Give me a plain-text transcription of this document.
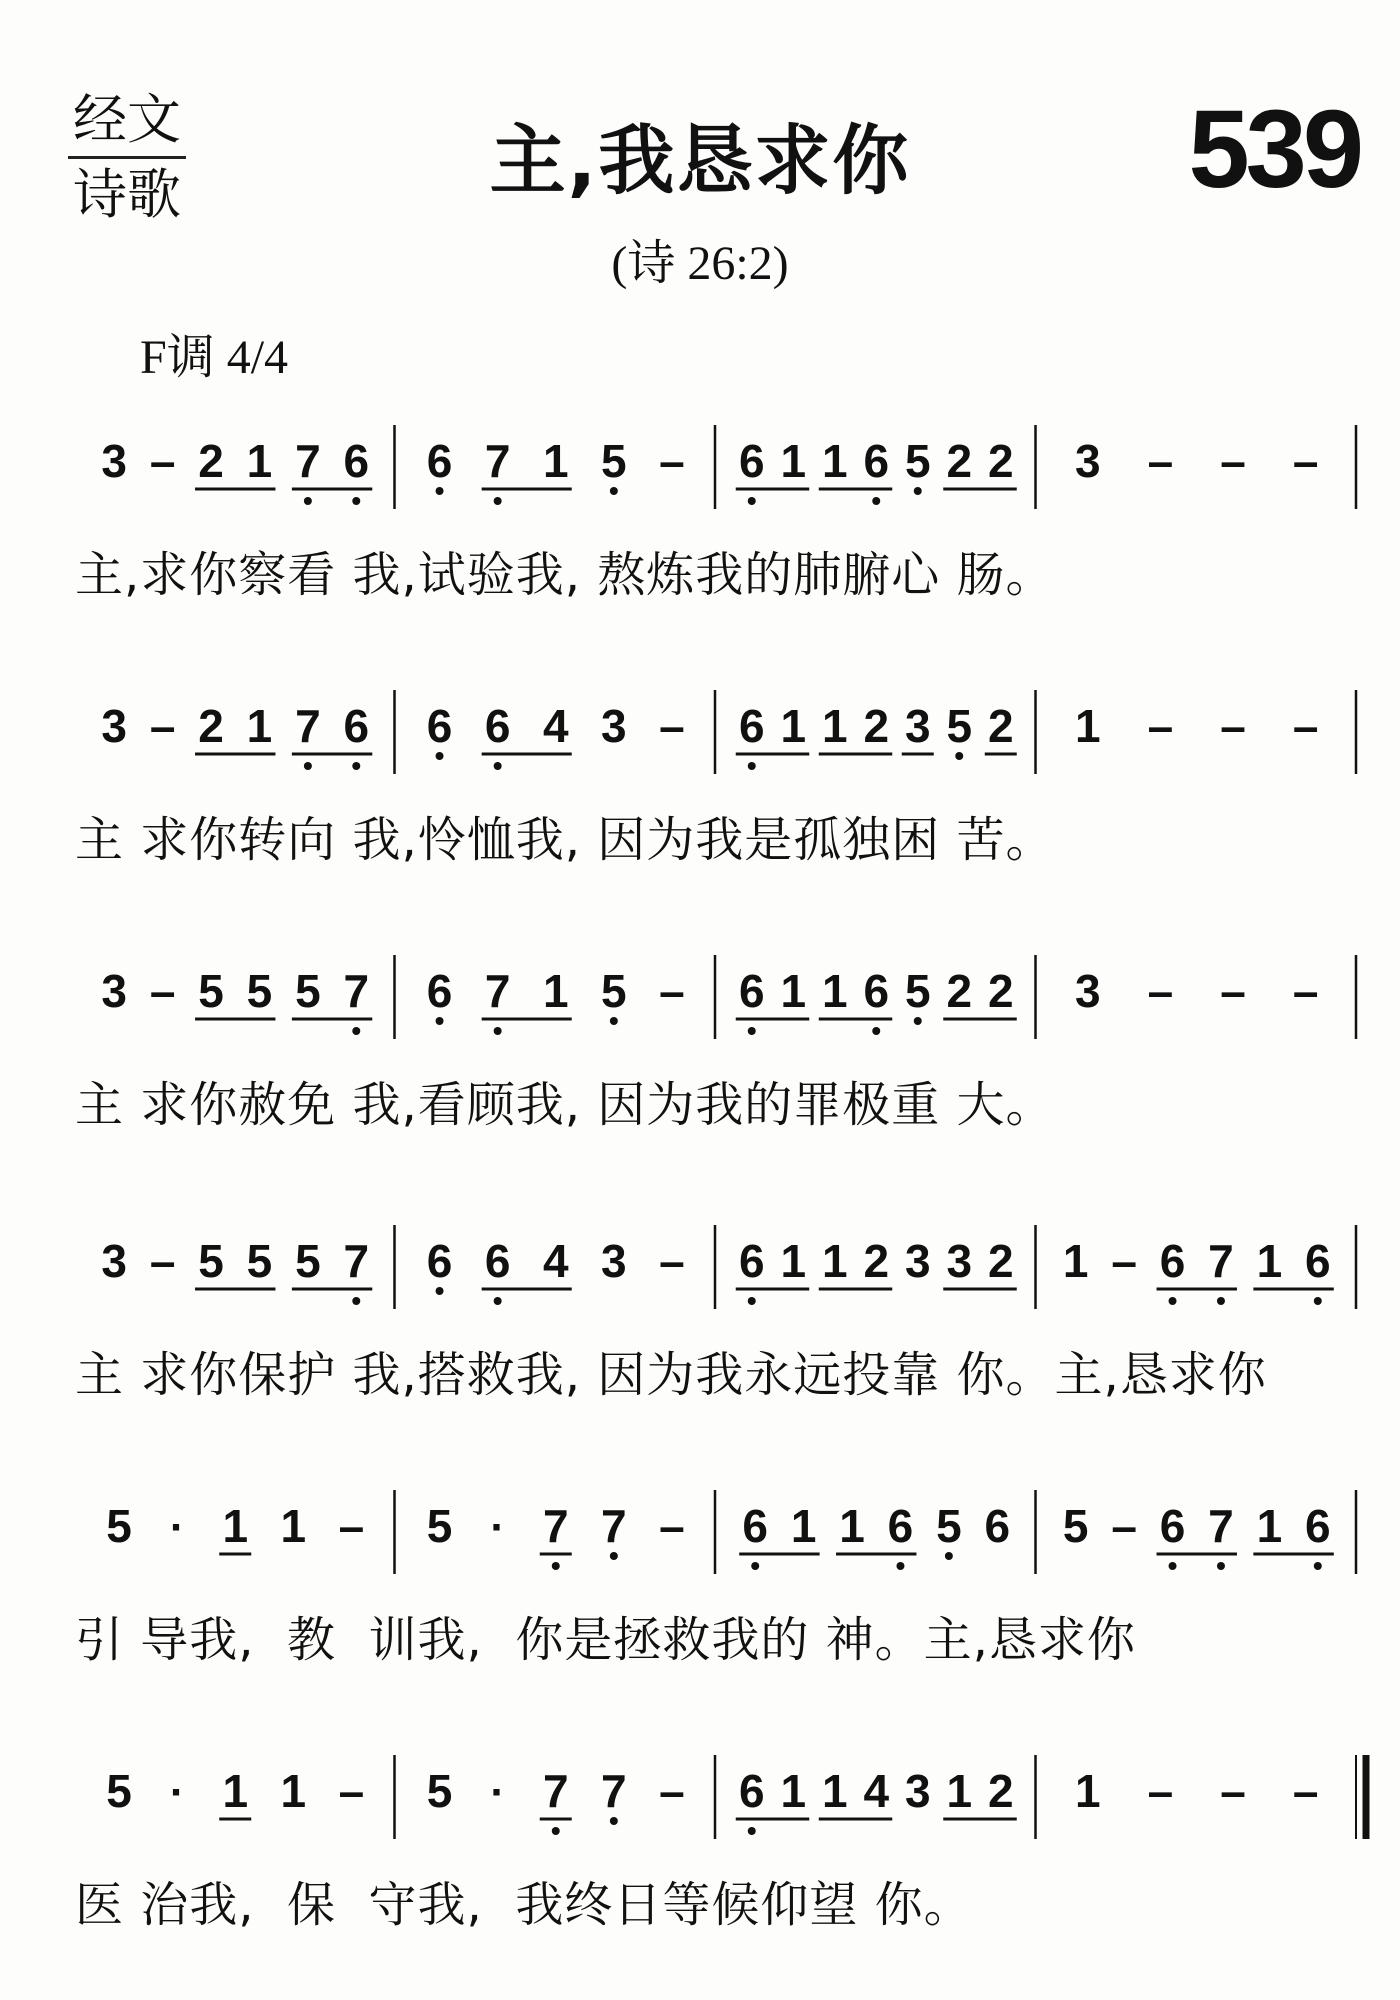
经文
诗歌	主,我恳求你	539
(诗 26:2)
F调 4/4
3 – 2 1 7 6 6 7 1 5 – 6 1 1 6 5 2 2 3 – – –
主,求你察看 我,试验我, 熬炼我的肺腑心 肠。
3 – 2 1 7 6 6 6 4 3 – 6 1 1 2 3 5 2 1 – – –
主 求你转向 我,怜恤我, 因为我是孤独困 苦。
3 – 5 5 5 7 6 7 1 5 – 6 1 1 6 5 2 2 3 – – –
主 求你赦免 我,看顾我, 因为我的罪极重 大。
3 – 5 5 5 7 6 6 4 3 – 6 1 1 2 3 3 2 1 – 6 7 1 6
主 求你保护 我,搭救我, 因为我永远投靠 你。主,恳求你
5 · 1 1 – 5 · 7 7 – 6 1 1 6 5 6 5 – 6 7 1 6
引 导我,  教  训我,  你是拯救我的 神。主,恳求你
5 · 1 1 – 5 · 7 7 – 6 1 1 4 3 1 2 1 – – –
医 治我,  保  守我,  我终日等候仰望 你。
